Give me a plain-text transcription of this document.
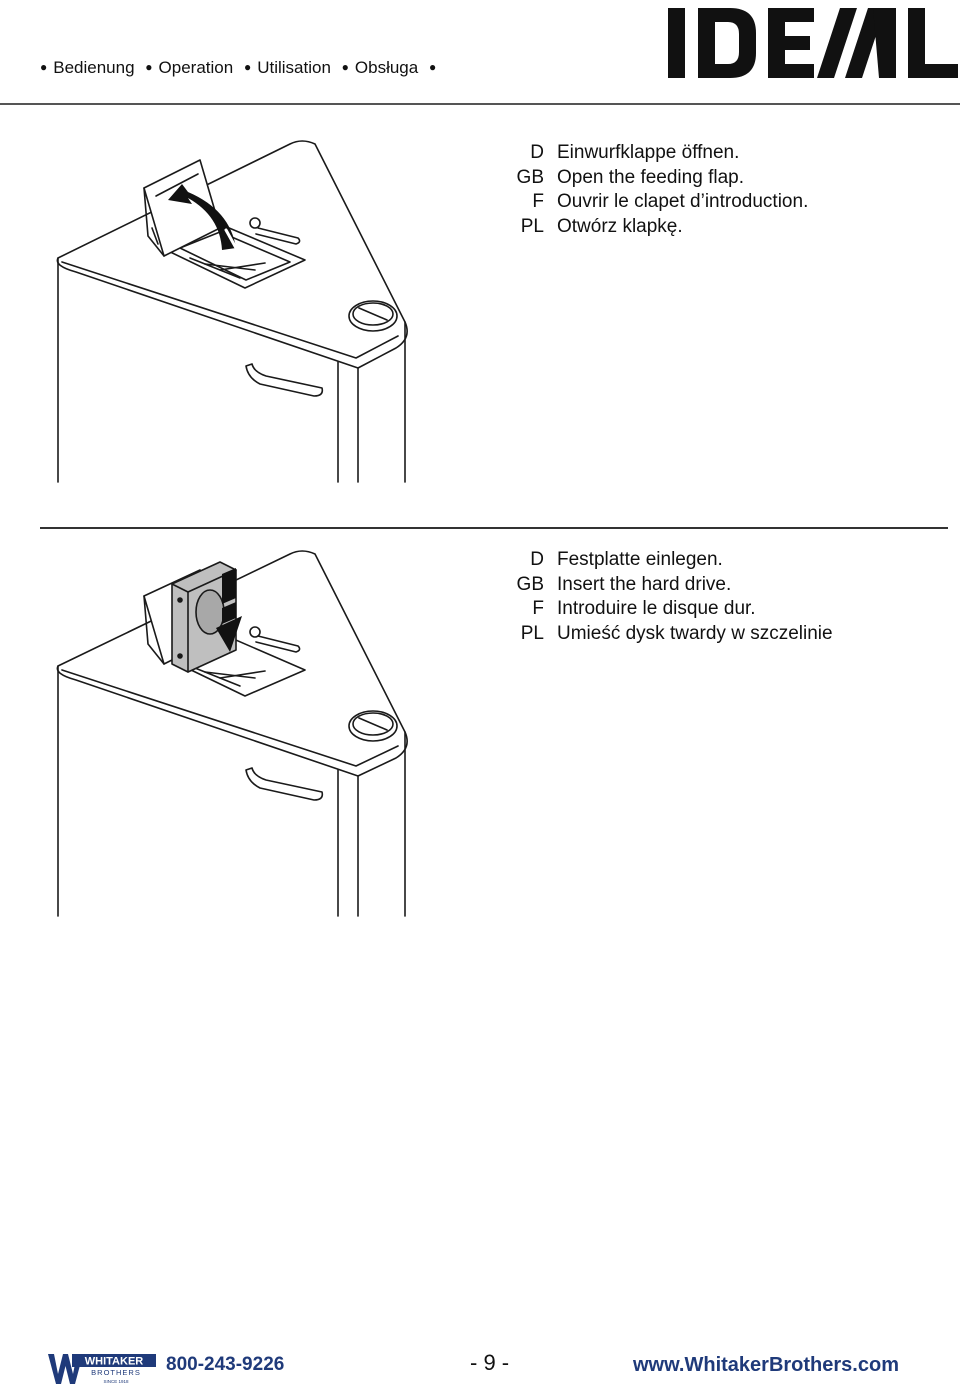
● Bedienung ● Operation ● Utilisation ● Obsługa ●
D Einwurfklappe öffnen.
GB Open the feeding flap.
F Ouvrir le clapet d’introduction.
PL Otwórz klapkę.
D Festplatte einlegen.
GB Insert the hard drive.
F Introduire le disque dur.
PL Umieść dysk twardy w szczelinie
WHITAKER
BROTHERS
SINCE 1918
800-243-9226	- 9 -	www.WhitakerBrothers.com
